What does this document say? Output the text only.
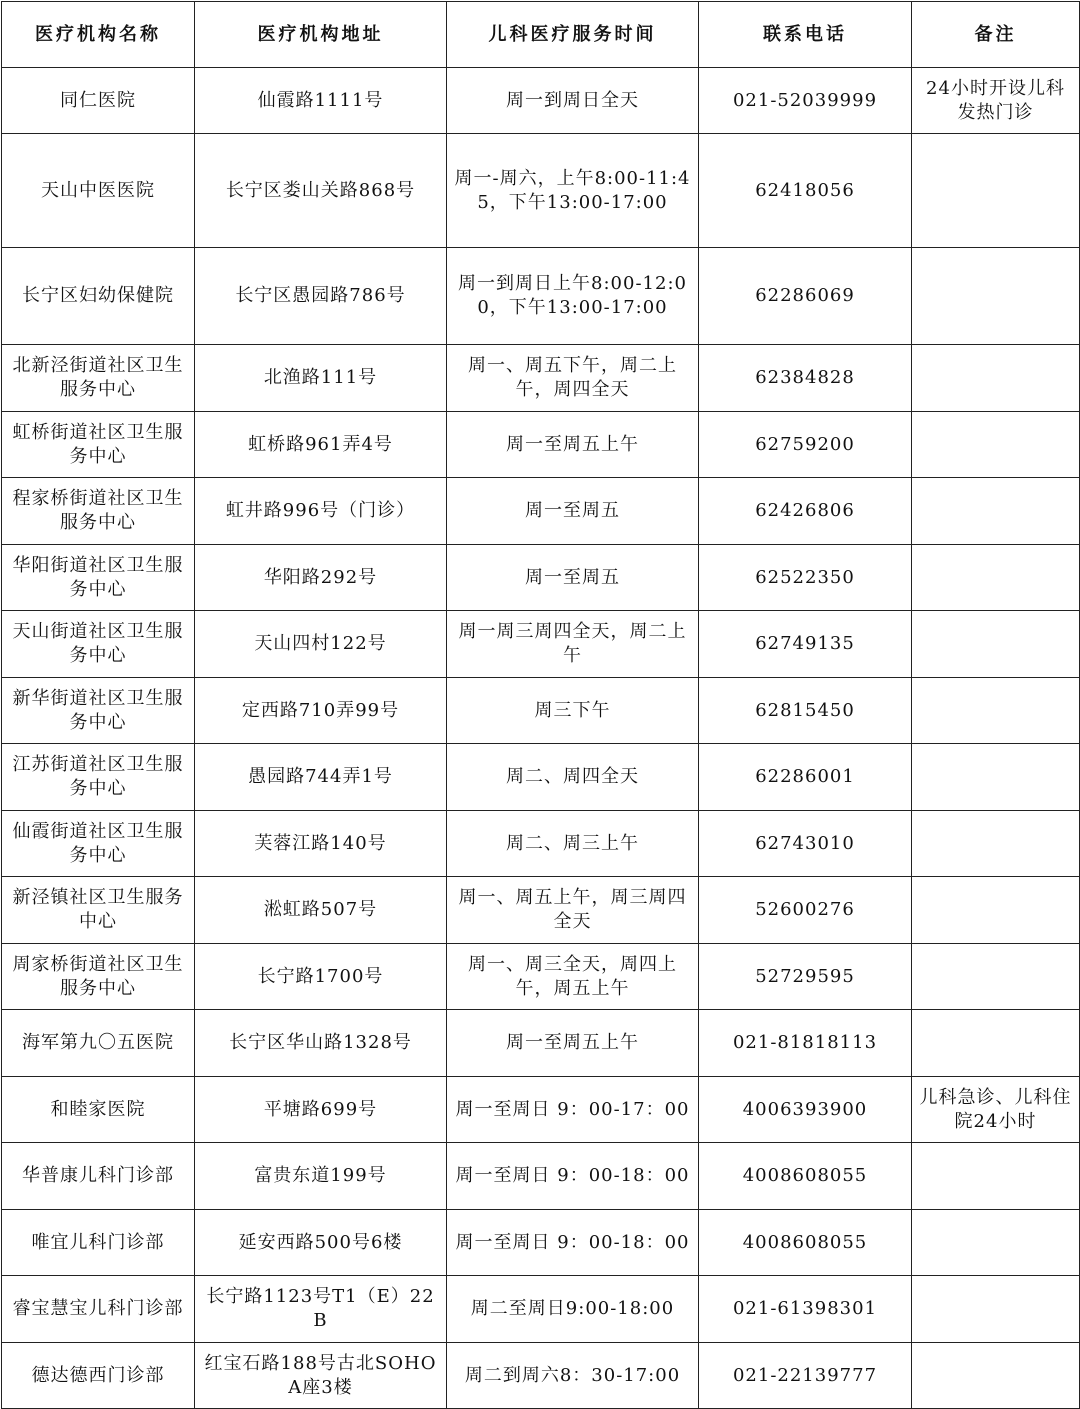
医疗机构名称	医疗机构地址	儿科医疗服务时间	联系电话	备注
同仁医院	仙霞路1111号	周一到周日全天	021-52039999	24小时开设儿科发热门诊
天山中医医院	长宁区娄山关路868号	周一-周六，上午8:00-11:45，下午13:00-17:00	62418056	
长宁区妇幼保健院	长宁区愚园路786号	周一到周日上午8:00-12:00，下午13:00-17:00	62286069	
北新泾街道社区卫生服务中心	北渔路111号	周一、周五下午，周二上午，周四全天	62384828	
虹桥街道社区卫生服务中心	虹桥路961弄4号	周一至周五上午	62759200	
程家桥街道社区卫生服务中心	虹井路996号（门诊）	周一至周五	62426806	
华阳街道社区卫生服务中心	华阳路292号	周一至周五	62522350	
天山街道社区卫生服务中心	天山四村122号	周一周三周四全天，周二上午	62749135	
新华街道社区卫生服务中心	定西路710弄99号	周三下午	62815450	
江苏街道社区卫生服务中心	愚园路744弄1号	周二、周四全天	62286001	
仙霞街道社区卫生服务中心	芙蓉江路140号	周二、周三上午	62743010	
新泾镇社区卫生服务中心	淞虹路507号	周一、周五上午，周三周四全天	52600276	
周家桥街道社区卫生服务中心	长宁路1700号	周一、周三全天，周四上午，周五上午	52729595	
海军第九〇五医院	长宁区华山路1328号	周一至周五上午	021-81818113	
和睦家医院	平塘路699号	周一至周日 9：00-17：00	4006393900	儿科急诊、儿科住院24小时
华普康儿科门诊部	富贵东道199号	周一至周日 9：00-18：00	4008608055	
唯宜儿科门诊部	延安西路500号6楼	周一至周日 9：00-18：00	4008608055	
睿宝慧宝儿科门诊部	长宁路1123号T1（E）22B	周二至周日9:00-18:00	021-61398301	
德达德西门诊部	红宝石路188号古北SOHO A座3楼	周二到周六8：30-17:00	021-22139777	
